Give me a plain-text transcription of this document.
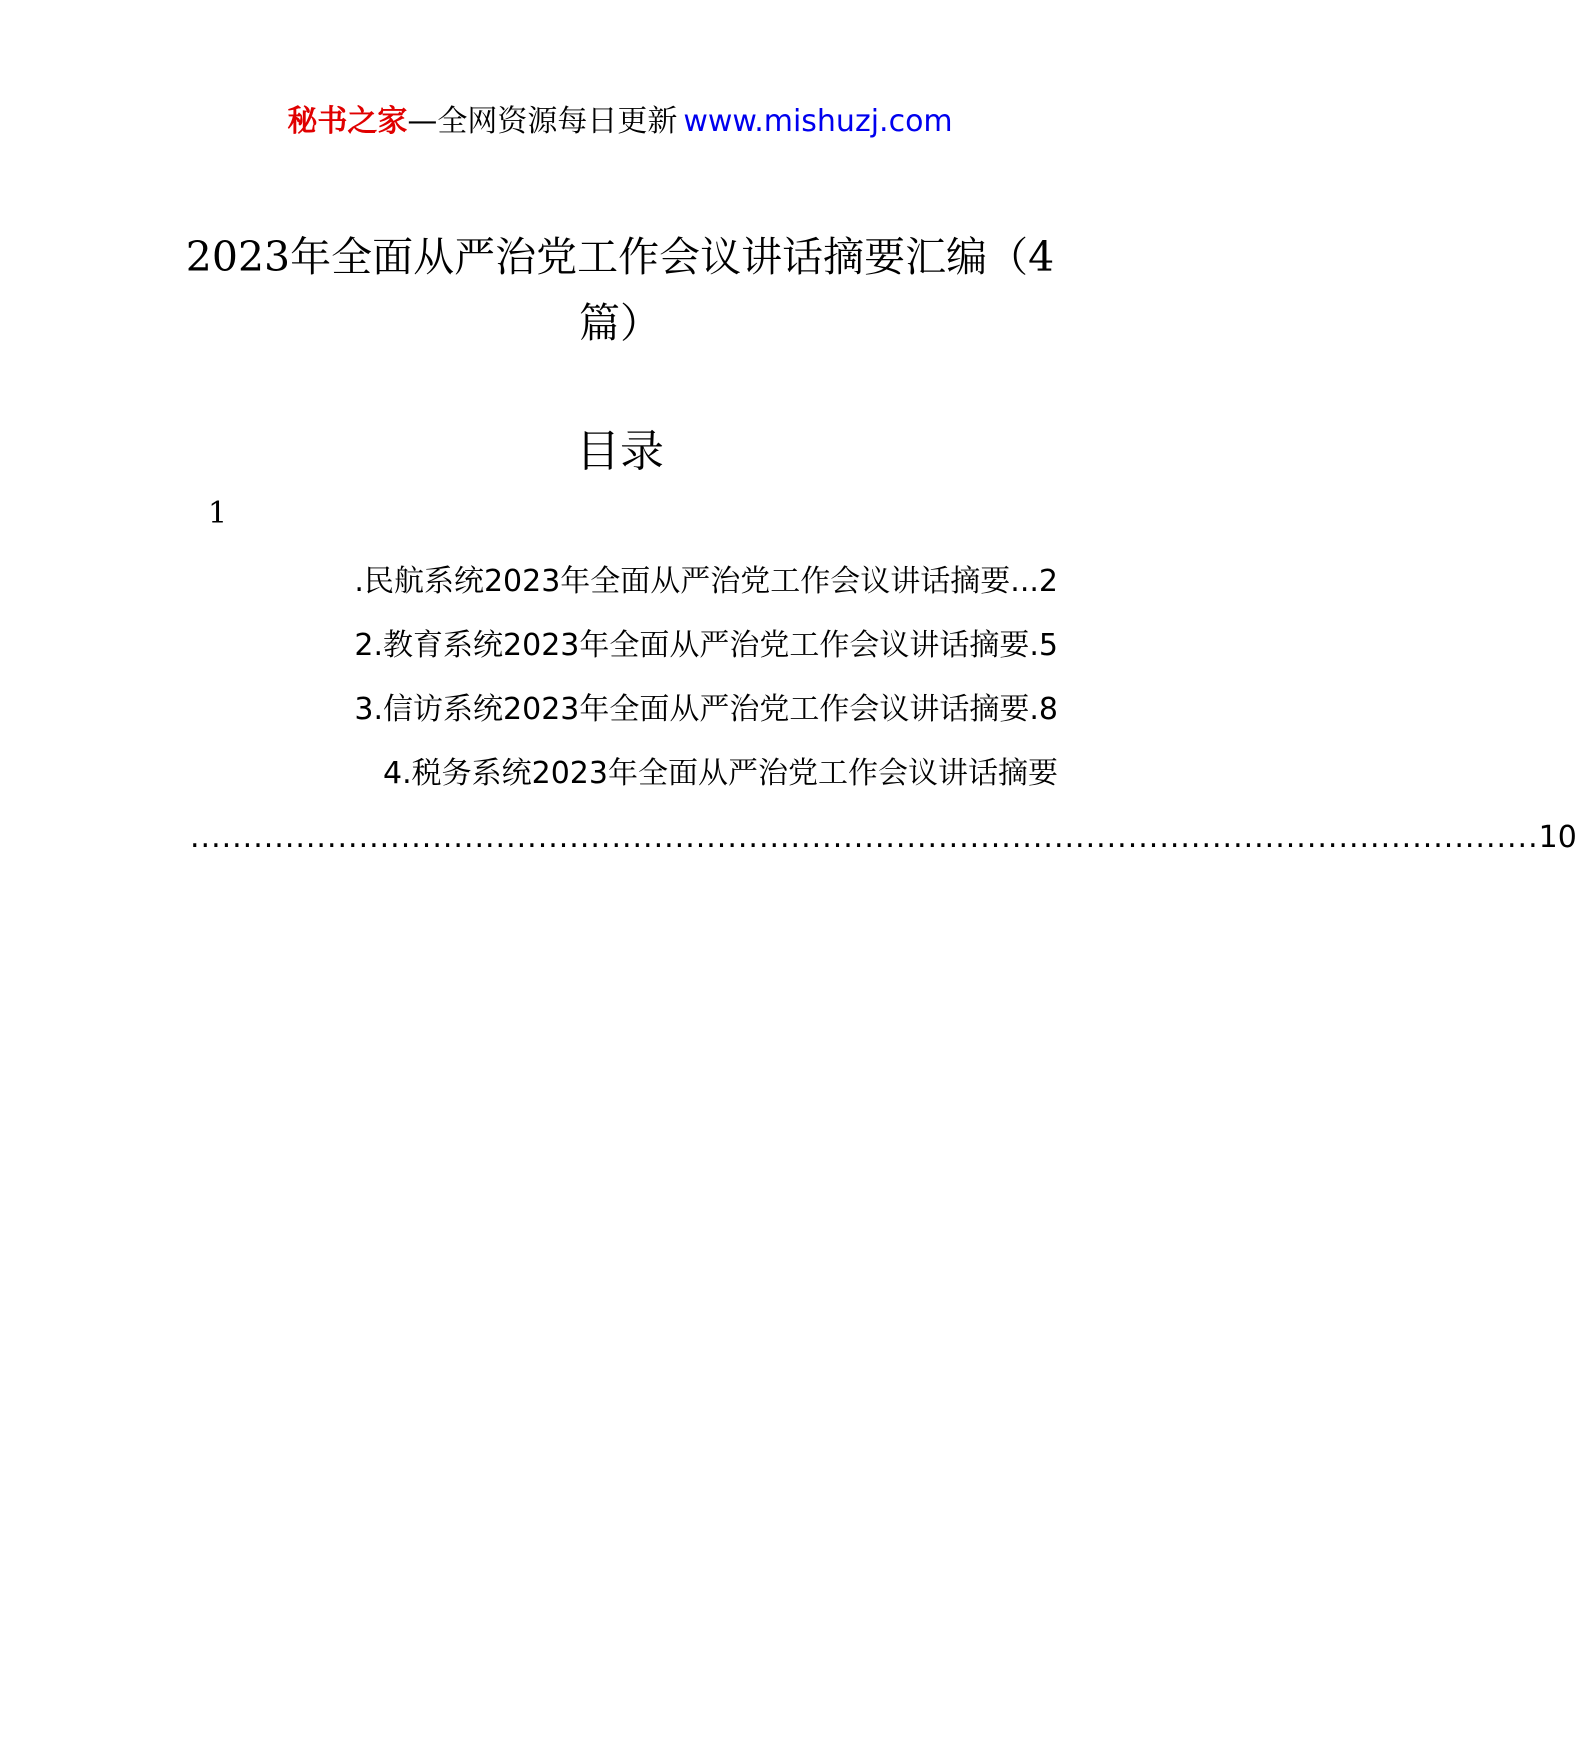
秘书之家—全网资源每日更新 www.mishuzj.com
2023年全面从严治党工作会议讲话摘要汇编（4篇）
目录
1
.民航系统2023年全面从严治党工作会议讲话摘要...2
2.教育系统2023年全面从严治党工作会议讲话摘要.5
3.信访系统2023年全面从严治党工作会议讲话摘要.8
4.税务系统2023年全面从严治党工作会议讲话摘要
................................................................................................................................ 10
